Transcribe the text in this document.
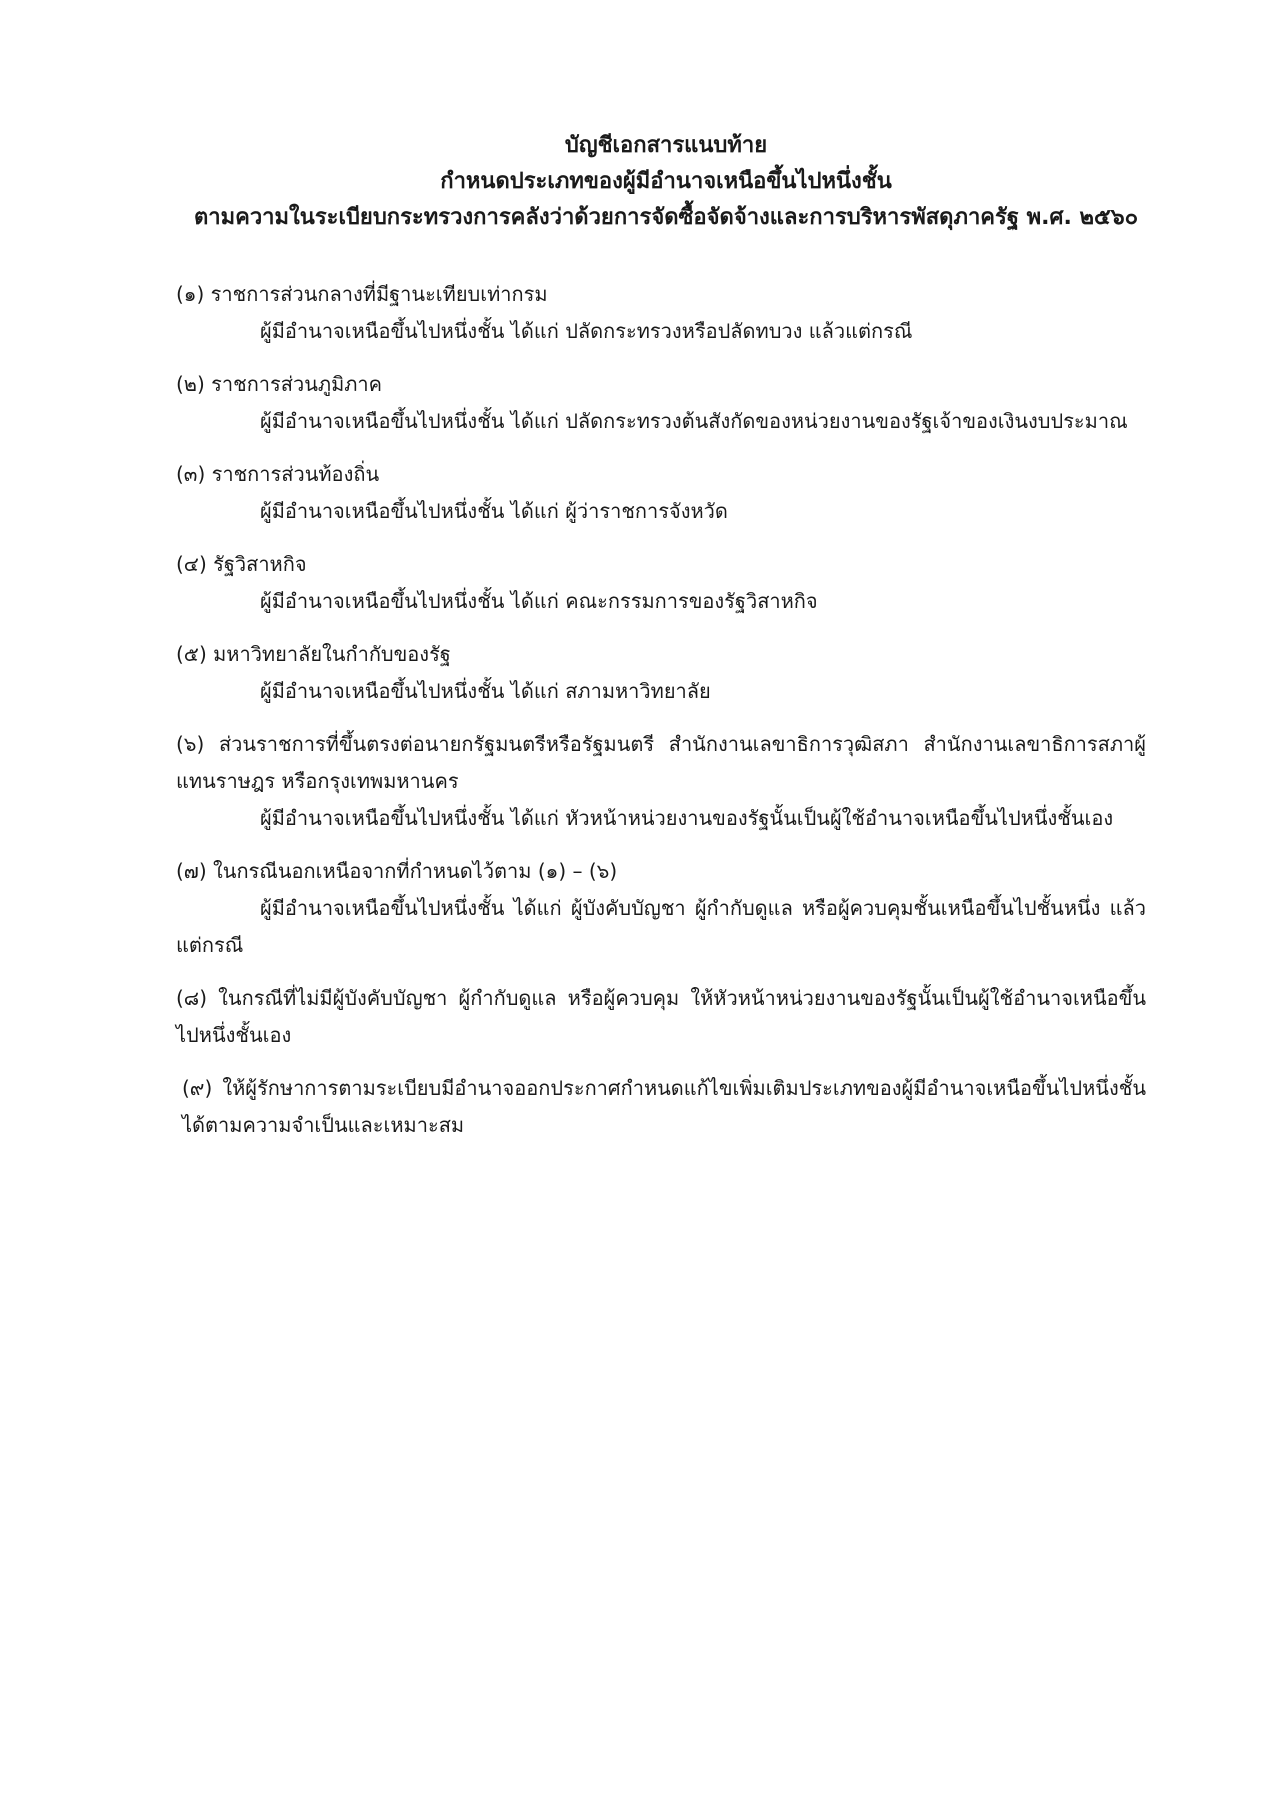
บัญชีเอกสารแนบท้าย
กำหนดประเภทของผู้มีอำนาจเหนือขึ้นไปหนึ่งชั้น
ตามความในระเบียบกระทรวงการคลังว่าด้วยการจัดซื้อจัดจ้างและการบริหารพัสดุภาครัฐ พ.ศ. ๒๕๖๐
(๑) ราชการส่วนกลางที่มีฐานะเทียบเท่ากรม
ผู้มีอำนาจเหนือขึ้นไปหนึ่งชั้น ได้แก่ ปลัดกระทรวงหรือปลัดทบวง แล้วแต่กรณี
(๒) ราชการส่วนภูมิภาค
ผู้มีอำนาจเหนือขึ้นไปหนึ่งชั้น ได้แก่ ปลัดกระทรวงต้นสังกัดของหน่วยงานของรัฐเจ้าของเงินงบประมาณ
(๓) ราชการส่วนท้องถิ่น
ผู้มีอำนาจเหนือขึ้นไปหนึ่งชั้น ได้แก่ ผู้ว่าราชการจังหวัด
(๔) รัฐวิสาหกิจ
ผู้มีอำนาจเหนือขึ้นไปหนึ่งชั้น ได้แก่ คณะกรรมการของรัฐวิสาหกิจ
(๕) มหาวิทยาลัยในกำกับของรัฐ
ผู้มีอำนาจเหนือขึ้นไปหนึ่งชั้น ได้แก่ สภามหาวิทยาลัย
(๖) ส่วนราชการที่ขึ้นตรงต่อนายกรัฐมนตรีหรือรัฐมนตรี สำนักงานเลขาธิการวุฒิสภา สำนักงานเลขาธิการสภาผู้แทนราษฎร หรือกรุงเทพมหานคร
ผู้มีอำนาจเหนือขึ้นไปหนึ่งชั้น ได้แก่ หัวหน้าหน่วยงานของรัฐนั้นเป็นผู้ใช้อำนาจเหนือขึ้นไปหนึ่งชั้นเอง
(๗) ในกรณีนอกเหนือจากที่กำหนดไว้ตาม (๑) – (๖)
ผู้มีอำนาจเหนือขึ้นไปหนึ่งชั้น ได้แก่ ผู้บังคับบัญชา ผู้กำกับดูแล หรือผู้ควบคุมชั้นเหนือขึ้นไปชั้นหนึ่ง แล้วแต่กรณี
(๘) ในกรณีที่ไม่มีผู้บังคับบัญชา ผู้กำกับดูแล หรือผู้ควบคุม ให้หัวหน้าหน่วยงานของรัฐนั้นเป็นผู้ใช้อำนาจเหนือขึ้นไปหนึ่งชั้นเอง
(๙) ให้ผู้รักษาการตามระเบียบมีอำนาจออกประกาศกำหนดแก้ไขเพิ่มเติมประเภทของผู้มีอำนาจเหนือขึ้นไปหนึ่งชั้น ได้ตามความจำเป็นและเหมาะสม
